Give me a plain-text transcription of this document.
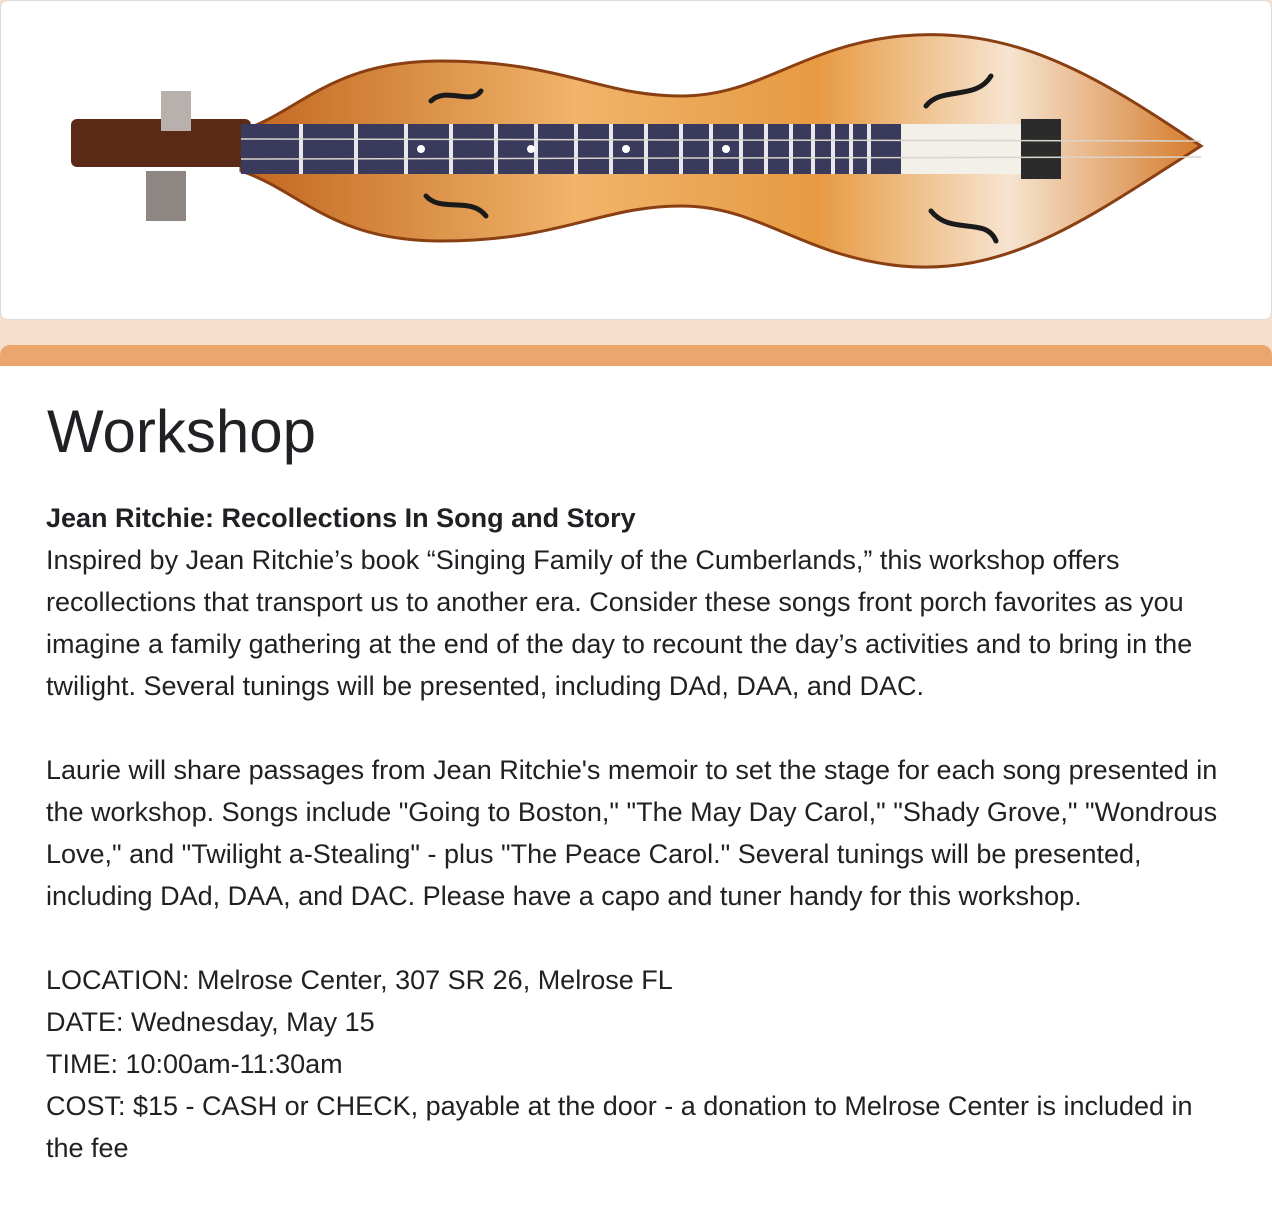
Workshop

Jean Ritchie: Recollections In Song and Story

Inspired by Jean Ritchie’s book “Singing Family of the Cumberlands,” this workshop offers recollections that transport us to another era. Consider these songs front porch favorites as you imagine a family gathering at the end of the day to recount the day’s activities and to bring in the twilight. Several tunings will be presented, including DAd, DAA, and DAC.

Laurie will share passages from Jean Ritchie's memoir to set the stage for each song presented in the workshop. Songs include "Going to Boston," "The May Day Carol," "Shady Grove," "Wondrous Love," and "Twilight a-Stealing" - plus "The Peace Carol." Several tunings will be presented, including DAd, DAA, and DAC. Please have a capo and tuner handy for this workshop.

LOCATION: Melrose Center, 307 SR 26, Melrose FL

DATE: Wednesday, May 15

TIME: 10:00am-11:30am

COST: $15 - CASH or CHECK, payable at the door - a donation to Melrose Center is included in the fee
